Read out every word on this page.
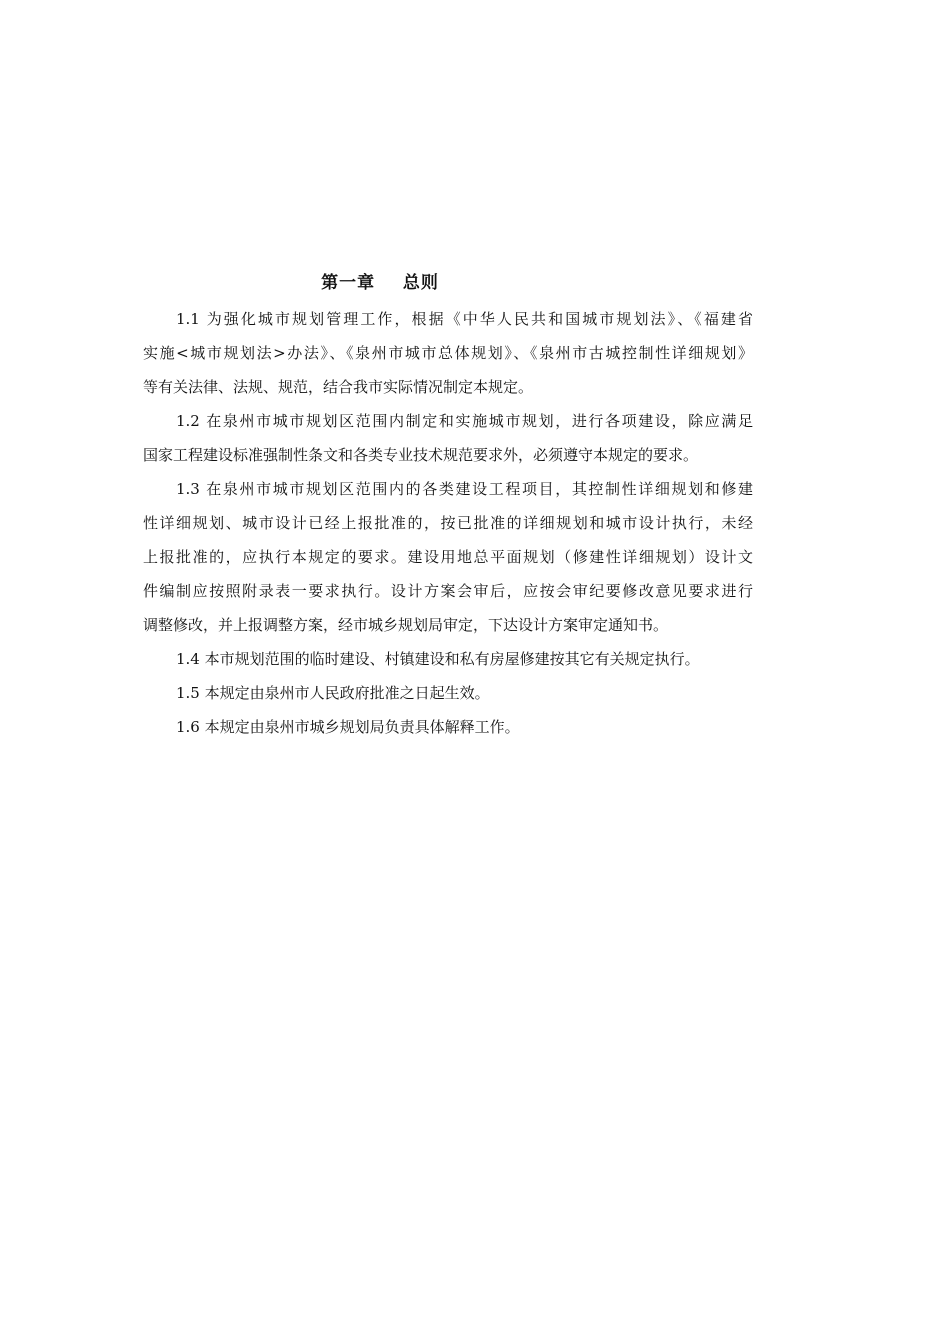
第一章    总则

1.1 为强化城市规划管理工作，根据《中华人民共和国城市规划法》、《福建省
实施<城市规划法>办法》、《泉州市城市总体规划》、《泉州市古城控制性详细规划》
等有关法律、法规、规范，结合我市实际情况制定本规定。

1.2 在泉州市城市规划区范围内制定和实施城市规划，进行各项建设，除应满足
国家工程建设标准强制性条文和各类专业技术规范要求外，必须遵守本规定的要求。

1.3 在泉州市城市规划区范围内的各类建设工程项目，其控制性详细规划和修建
性详细规划、城市设计已经上报批准的，按已批准的详细规划和城市设计执行，未经
上报批准的，应执行本规定的要求。建设用地总平面规划（修建性详细规划）设计文
件编制应按照附录表一要求执行。设计方案会审后，应按会审纪要修改意见要求进行
调整修改，并上报调整方案，经市城乡规划局审定，下达设计方案审定通知书。

1.4 本市规划范围的临时建设、村镇建设和私有房屋修建按其它有关规定执行。

1.5 本规定由泉州市人民政府批准之日起生效。

1.6 本规定由泉州市城乡规划局负责具体解释工作。
